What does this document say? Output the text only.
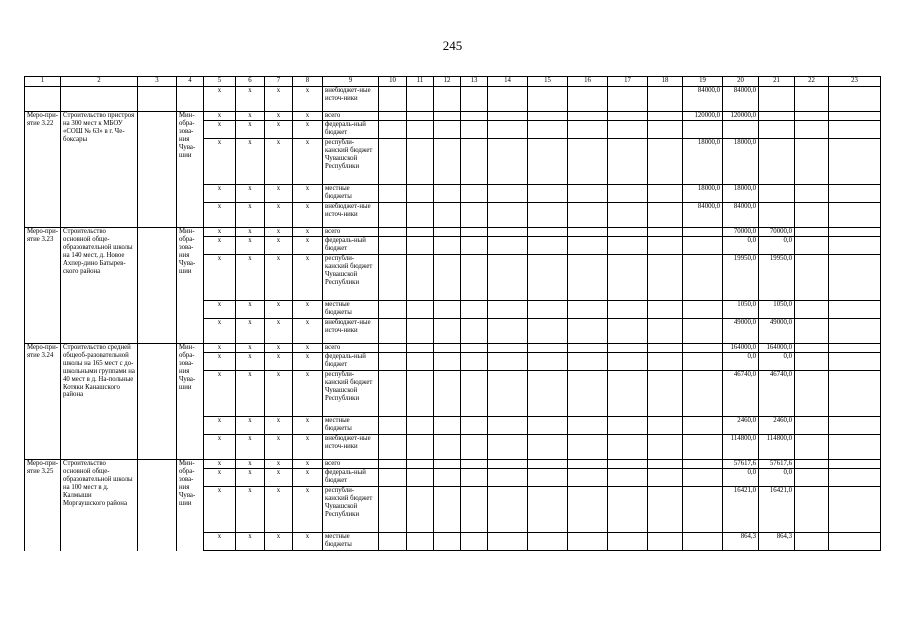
245
1	2	3	4	5	6	7	8	9	10	11	12	13	14	15	16	17	18	19	20	21	22	23
				x	x	x	x	внебюджет-ные источ-ники										84000,0	84000,0			
Меро-при-ятие 3.22	Строительство пристроя на 300 мест к МБОУ «СОШ № 63» в г. Че-боксары		Мин-обра-зова-ния Чува-шии	x	x	x	x	всего										120000,0	120000,0			
				x	x	x	x	федераль-ный бюджет														
				x	x	x	x	республи-канский бюджет Чувашской Республики										18000,0	18000,0			
				x	x	x	x	местные бюджеты										18000,0	18000,0			
				x	x	x	x	внебюджет-ные источ-ники										84000,0	84000,0			
Меро-при-ятие 3.23	Строительство основной обще-образовательной школы на 140 мест, д. Новое Ахпер-дино Батырев-ского района		Мин-обра-зова-ния Чува-шии	x	x	x	x	всего											70000,0	70000,0		
				x	x	x	x	федераль-ный бюджет											0,0	0,0		
				x	x	x	x	республи-канский бюджет Чувашской Республики											19950,0	19950,0		
				x	x	x	x	местные бюджеты											1050,0	1050,0		
				x	x	x	x	внебюджет-ные источ-ники											49000,0	49000,0		
Меро-при-ятие 3.24	Строительство средней общеоб-разовательной школы на 165 мест с до-школьными группами на 40 мест в д. На-польные Котяки Канашского района		Мин-обра-зова-ния Чува-шии	x	x	x	x	всего											164000,0	164000,0		
				x	x	x	x	федераль-ный бюджет											0,0	0,0		
				x	x	x	x	республи-канский бюджет Чувашской Республики											46740,0	46740,0		
				x	x	x	x	местные бюджеты											2460,0	2460,0		
				x	x	x	x	внебюджет-ные источ-ники											114800,0	114800,0		
Меро-при-ятие 3.25	Строительство основной обще-образовательной школы на 100 мест в д. Калмыши Моргаушского района		Мин-обра-зова-ния Чува-шии	x	x	x	x	всего											57617,6	57617,6		
				x	x	x	x	федераль-ный бюджет											0,0	0,0		
				x	x	x	x	республи-канский бюджет Чувашской Республики											16421,0	16421,0		
				x	x	x	x	местные бюджеты											864,3	864,3		
